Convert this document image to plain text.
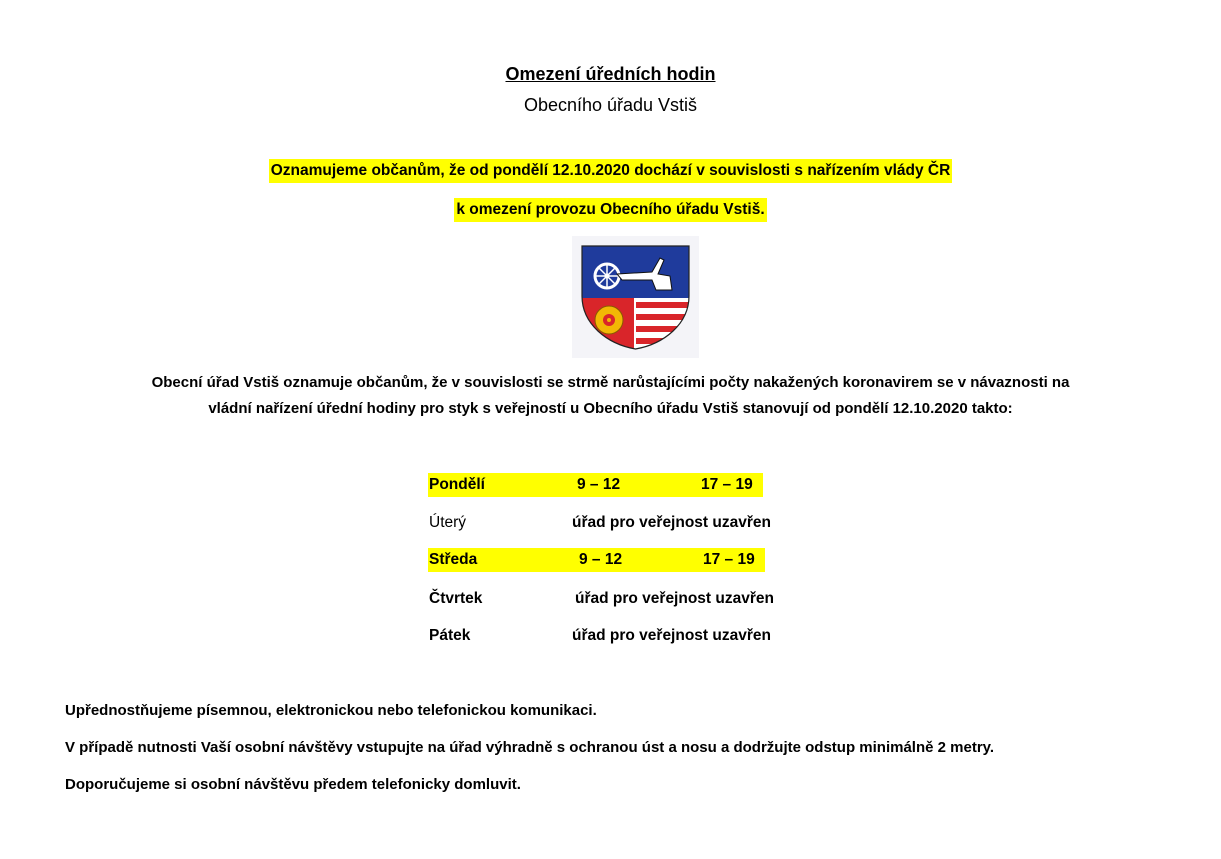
Omezení úředních hodin
Obecního úřadu Vstiš
Oznamujeme občanům, že od pondělí 12.10.2020 dochází v souvislosti s nařízením vlády ČR
k omezení provozu Obecního úřadu Vstiš.
Obecní úřad Vstiš oznamuje občanům, že v souvislosti se strmě narůstajícími počty nakažených koronavirem se v návaznosti na
vládní nařízení úřední hodiny pro styk s veřejností u Obecního úřadu Vstiš stanovují od pondělí 12.10.2020 takto:
Pondělí	9 – 12	17 – 19
Úterý	úřad pro veřejnost uzavřen
Středa	9 – 12	17 – 19
Čtvrtek	úřad pro veřejnost uzavřen
Pátek	úřad pro veřejnost uzavřen
Upřednostňujeme písemnou, elektronickou nebo telefonickou komunikaci.
V případě nutnosti Vaší osobní návštěvy vstupujte na úřad výhradně s ochranou úst a nosu a dodržujte odstup minimálně 2 metry.
Doporučujeme si osobní návštěvu předem telefonicky domluvit.
